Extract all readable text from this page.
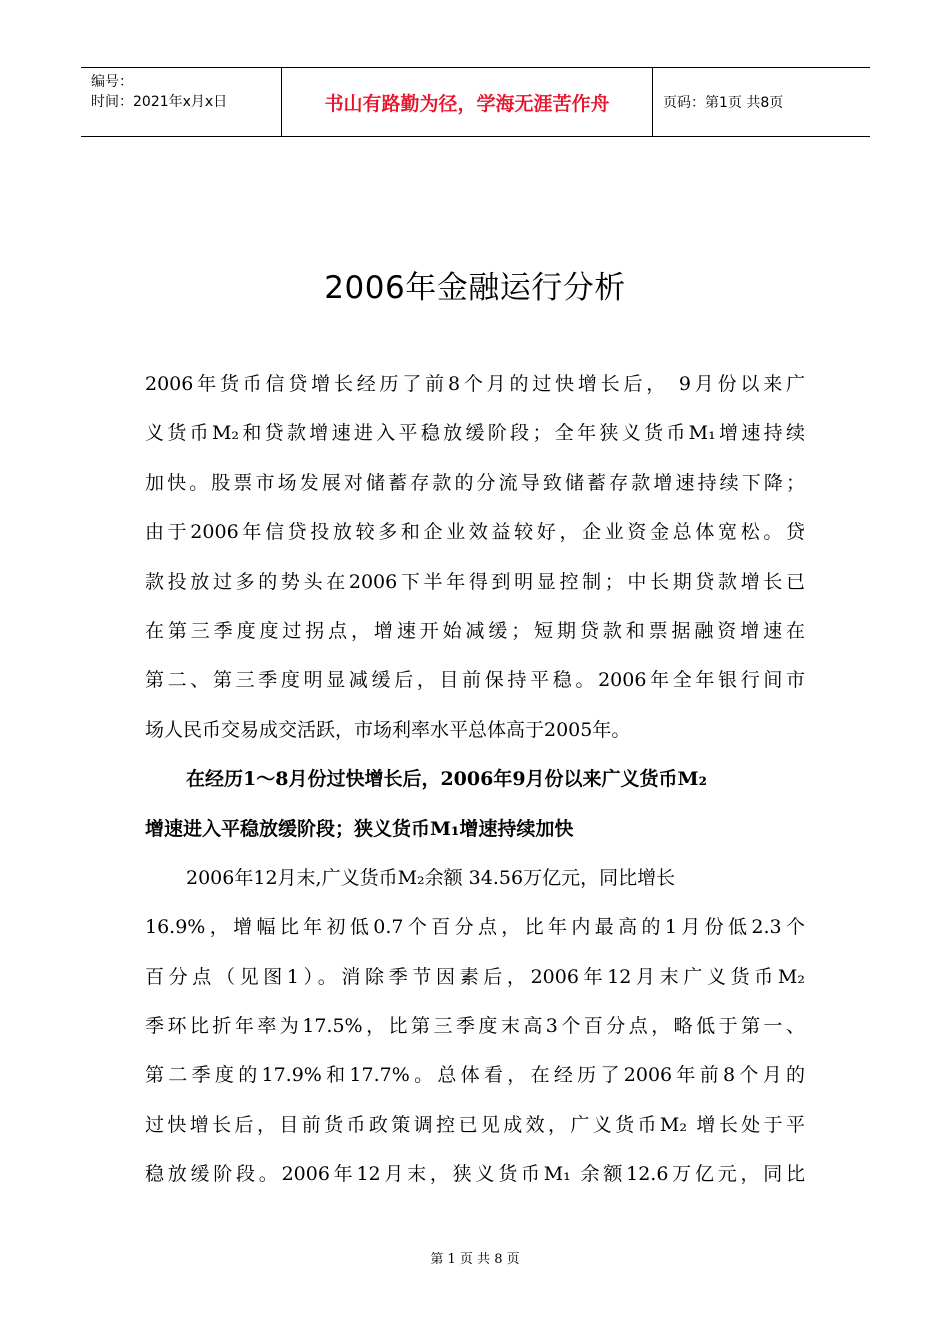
编号：
时间：2021年x月x日	书山有路勤为径，学海无涯苦作舟	页码：第1页 共8页
2006年金融运行分析
2006年货币信贷增长经历了前8个月的过快增长后， 9月份以来广
义货币M₂和贷款增速进入平稳放缓阶段；全年狭义货币M₁增速持续
加快。股票市场发展对储蓄存款的分流导致储蓄存款增速持续下降；
由于2006年信贷投放较多和企业效益较好，企业资金总体宽松。贷
款投放过多的势头在2006下半年得到明显控制；中长期贷款增长已
在第三季度度过拐点，增速开始减缓；短期贷款和票据融资增速在
第二、第三季度明显减缓后，目前保持平稳。2006年全年银行间市
场人民币交易成交活跃，市场利率水平总体高于2005年。
在经历1～8月份过快增长后，2006年9月份以来广义货币M₂
增速进入平稳放缓阶段；狭义货币M₁增速持续加快
2006年12月末,广义货币M₂余额 34.56万亿元，同比增长
16.9%，增幅比年初低0.7个百分点，比年内最高的1月份低2.3个
百分点（见图1）。消除季节因素后，2006年12月末广义货币M₂
季环比折年率为17.5%，比第三季度末高3个百分点，略低于第一、
第二季度的17.9%和17.7%。总体看，在经历了2006年前8个月的
过快增长后，目前货币政策调控已见成效，广义货币M₂ 增长处于平
稳放缓阶段。2006年12月末，狭义货币M₁ 余额12.6万亿元，同比
第 1 页 共 8 页
